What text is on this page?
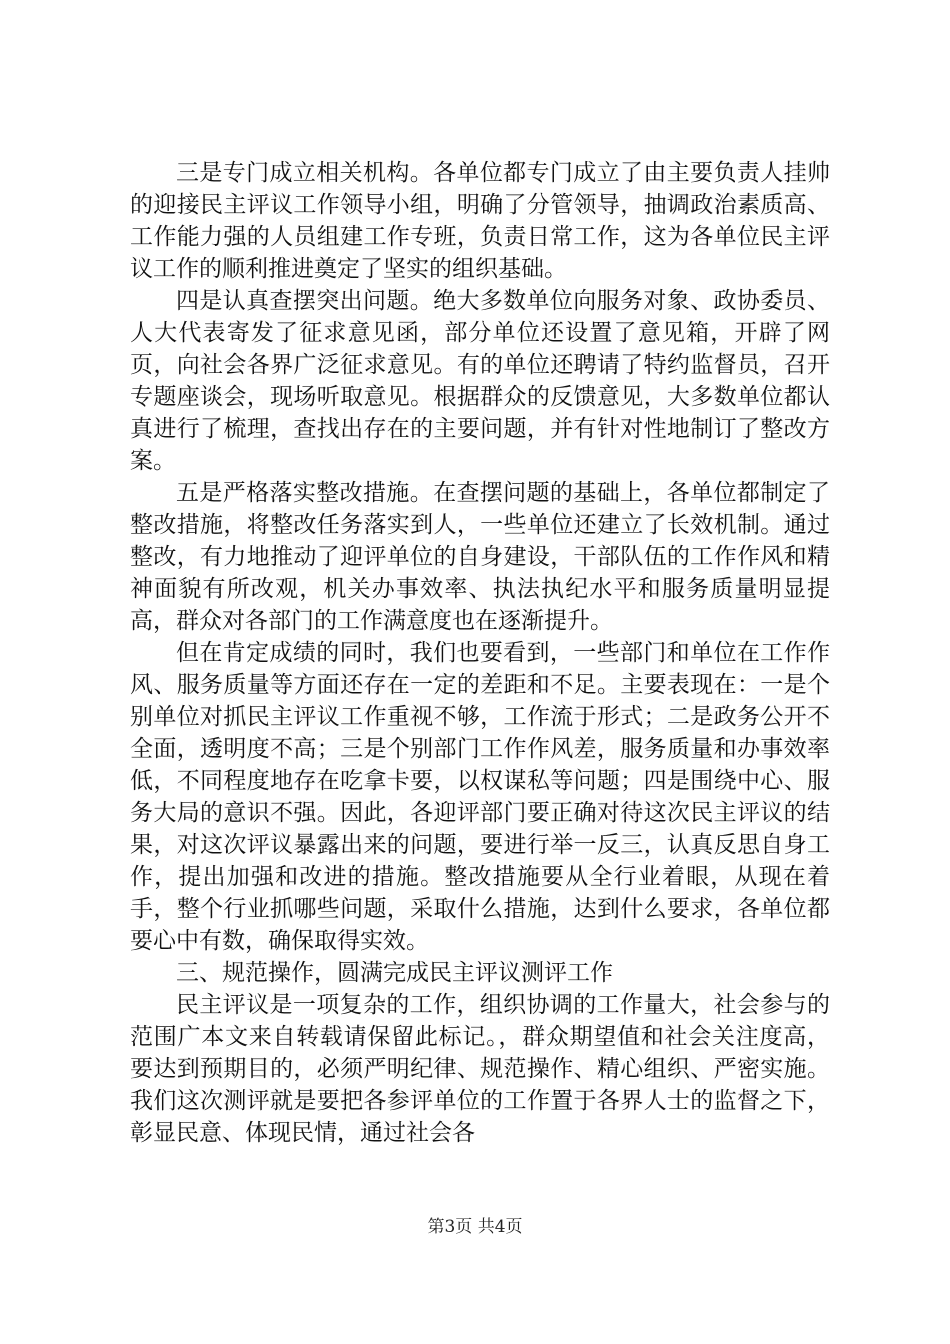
三是专门成立相关机构。各单位都专门成立了由主要负责人挂帅的迎接民主评议工作领导小组，明确了分管领导，抽调政治素质高、工作能力强的人员组建工作专班，负责日常工作，这为各单位民主评议工作的顺利推进奠定了坚实的组织基础。

四是认真查摆突出问题。绝大多数单位向服务对象、政协委员、人大代表寄发了征求意见函，部分单位还设置了意见箱，开辟了网页，向社会各界广泛征求意见。有的单位还聘请了特约监督员，召开专题座谈会，现场听取意见。根据群众的反馈意见，大多数单位都认真进行了梳理，查找出存在的主要问题，并有针对性地制订了整改方案。

五是严格落实整改措施。在查摆问题的基础上，各单位都制定了整改措施，将整改任务落实到人，一些单位还建立了长效机制。通过整改，有力地推动了迎评单位的自身建设，干部队伍的工作作风和精神面貌有所改观，机关办事效率、执法执纪水平和服务质量明显提高，群众对各部门的工作满意度也在逐渐提升。

但在肯定成绩的同时，我们也要看到，一些部门和单位在工作作风、服务质量等方面还存在一定的差距和不足。主要表现在：一是个别单位对抓民主评议工作重视不够，工作流于形式；二是政务公开不全面，透明度不高；三是个别部门工作作风差，服务质量和办事效率低，不同程度地存在吃拿卡要，以权谋私等问题；四是围绕中心、服务大局的意识不强。因此，各迎评部门要正确对待这次民主评议的结果，对这次评议暴露出来的问题，要进行举一反三，认真反思自身工作，提出加强和改进的措施。整改措施要从全行业着眼，从现在着手，整个行业抓哪些问题，采取什么措施，达到什么要求，各单位都要心中有数，确保取得实效。

三、规范操作，圆满完成民主评议测评工作

民主评议是一项复杂的工作，组织协调的工作量大，社会参与的范围广本文来自转载请保留此标记。，群众期望值和社会关注度高，要达到预期目的，必须严明纪律、规范操作、精心组织、严密实施。我们这次测评就是要把各参评单位的工作置于各界人士的监督之下，彰显民意、体现民情，通过社会各

第3页 共4页
